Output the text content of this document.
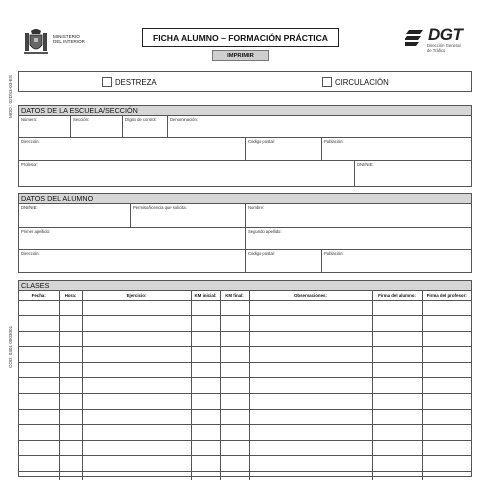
MINISTERIO
DEL INTERIOR	FICHA ALUMNO – FORMACIÓN PRÁCTICA
IMPRIMIR
DGT
Dirección General
de Tráfico
MOD.: 02DS3-03-ES
COD: 0301 0003001
DESTREZA	CIRCULACIÓN
DATOS DE LA ESCUELA/SECCIÓN
Número:	Sección:	Dígito de control:	Denominación:
Dirección:	Código postal:	Población:
Profesor:	DNI/NIE:
DATOS DEL ALUMNO
DNI/NIE:	Permiso/licencia que solicita:	Nombre:
Primer apellido:	Segundo apellido:
Dirección:	Código postal:	Población:
CLASES
Fecha:	Hora:	Ejercicio:	KM inicial:	KM final:	Observaciones:	Firma del alumno:	Firma del profesor:
